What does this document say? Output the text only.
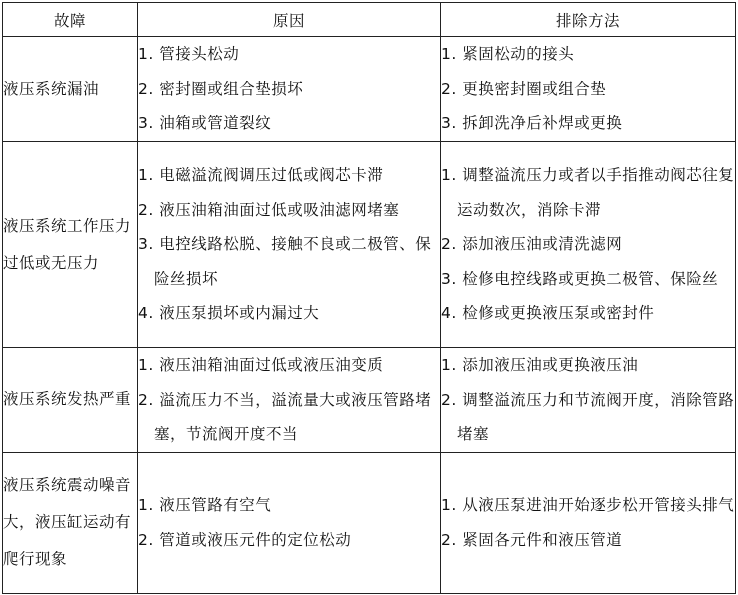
故障	原因	排除方法
液压系统漏油	1. 管接头松动
2. 密封圈或组合垫损坏
3. 油箱或管道裂纹	1. 紧固松动的接头
2. 更换密封圈或组合垫
3. 拆卸洗净后补焊或更换

液压系统工作压力过低或无压力	1. 电磁溢流阀调压过低或阀芯卡滞
2. 液压油箱油面过低或吸油滤网堵塞
3. 电控线路松脱、接触不良或二极管、保险丝损坏
4. 液压泵损坏或内漏过大	1. 调整溢流压力或者以手指推动阀芯往复运动数次，消除卡滞
2. 添加液压油或清洗滤网
3. 检修电控线路或更换二极管、保险丝
4. 检修或更换液压泵或密封件

液压系统发热严重	1. 液压油箱油面过低或液压油变质
2. 溢流压力不当，溢流量大或液压管路堵塞，节流阀开度不当	1. 添加液压油或更换液压油
2. 调整溢流压力和节流阀开度，消除管路堵塞

液压系统震动噪音大，液压缸运动有爬行现象	1. 液压管路有空气
2. 管道或液压元件的定位松动	1. 从液压泵进油开始逐步松开管接头排气
2. 紧固各元件和液压管道
